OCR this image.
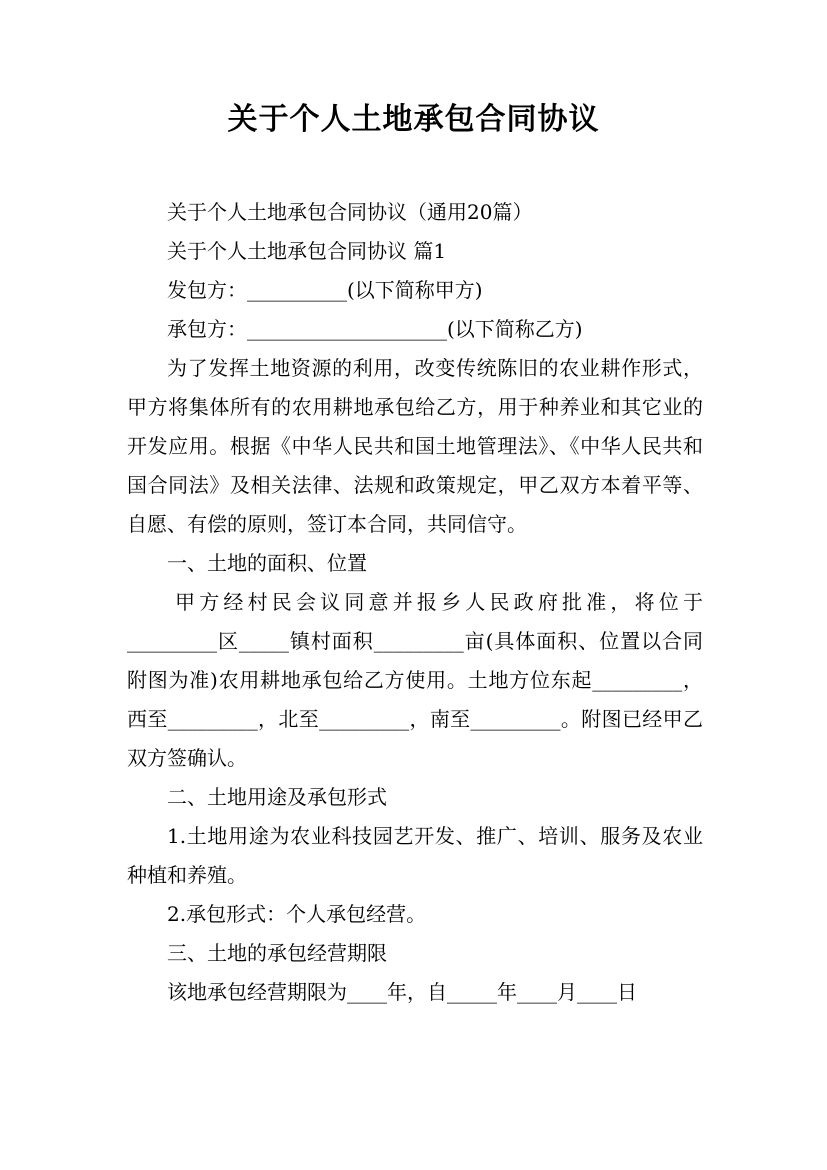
关于个人土地承包合同协议

关于个人土地承包合同协议（通用20篇）

关于个人土地承包合同协议 篇1

发包方：__________(以下简称甲方)

承包方：____________________(以下简称乙方)

为了发挥土地资源的利用，改变传统陈旧的农业耕作形式，甲方将集体所有的农用耕地承包给乙方，用于种养业和其它业的开发应用。根据《中华人民共和国土地管理法》、《中华人民共和国合同法》及相关法律、法规和政策规定，甲乙双方本着平等、自愿、有偿的原则，签订本合同，共同信守。

一、土地的面积、位置

甲方经村民会议同意并报乡人民政府批准，将位于_________区_____镇村面积_________亩(具体面积、位置以合同附图为准)农用耕地承包给乙方使用。土地方位东起_________，西至_________，北至_________，南至_________。附图已经甲乙双方签确认。

二、土地用途及承包形式

1.土地用途为农业科技园艺开发、推广、培训、服务及农业种植和养殖。

2.承包形式：个人承包经营。

三、土地的承包经营期限

该地承包经营期限为____年，自_____年____月____日
